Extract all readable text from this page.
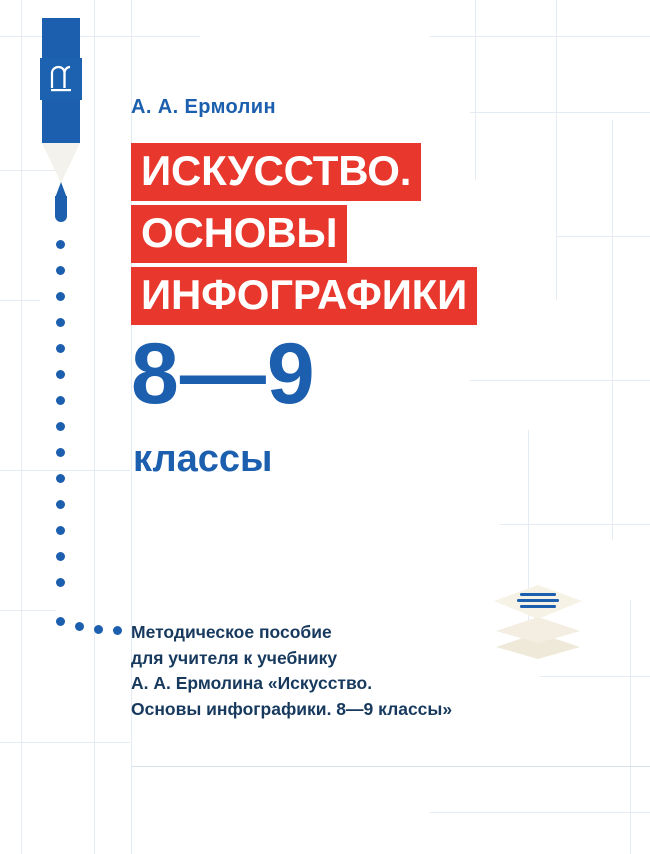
А. А. Ермолин
ИСКУССТВО.
ОСНОВЫ
ИНФОГРАФИКИ
8—9
классы
Методическое пособие
для учителя к учебнику
А. А. Ермолина «Искусство.
Основы инфографики. 8—9 классы»
